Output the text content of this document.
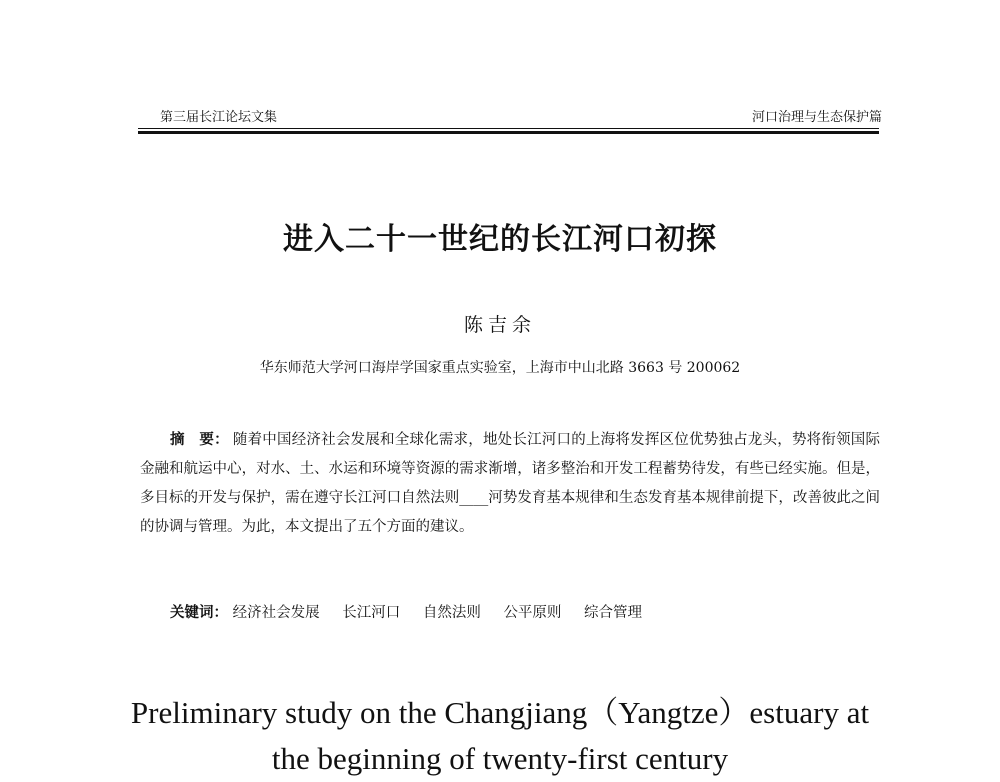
第三届长江论坛文集	河口治理与生态保护篇
进入二十一世纪的长江河口初探
陈吉余
华东师范大学河口海岸学国家重点实验室，上海市中山北路 3663 号 200062

摘　要： 随着中国经济社会发展和全球化需求，地处长江河口的上海将发挥区位优势独占龙头，势将衔领国际金融和航运中心，对水、土、水运和环境等资源的需求渐增，诸多整治和开发工程蓄势待发，有些已经实施。但是，多目标的开发与保护，需在遵守长江河口自然法则____河势发育基本规律和生态发育基本规律前提下，改善彼此之间的协调与管理。为此，本文提出了五个方面的建议。

关键词： 经济社会发展 长江河口 自然法则 公平原则 综合管理
Preliminary study on the Changjiang（Yangtze）estuary at
the beginning of twenty-first century
